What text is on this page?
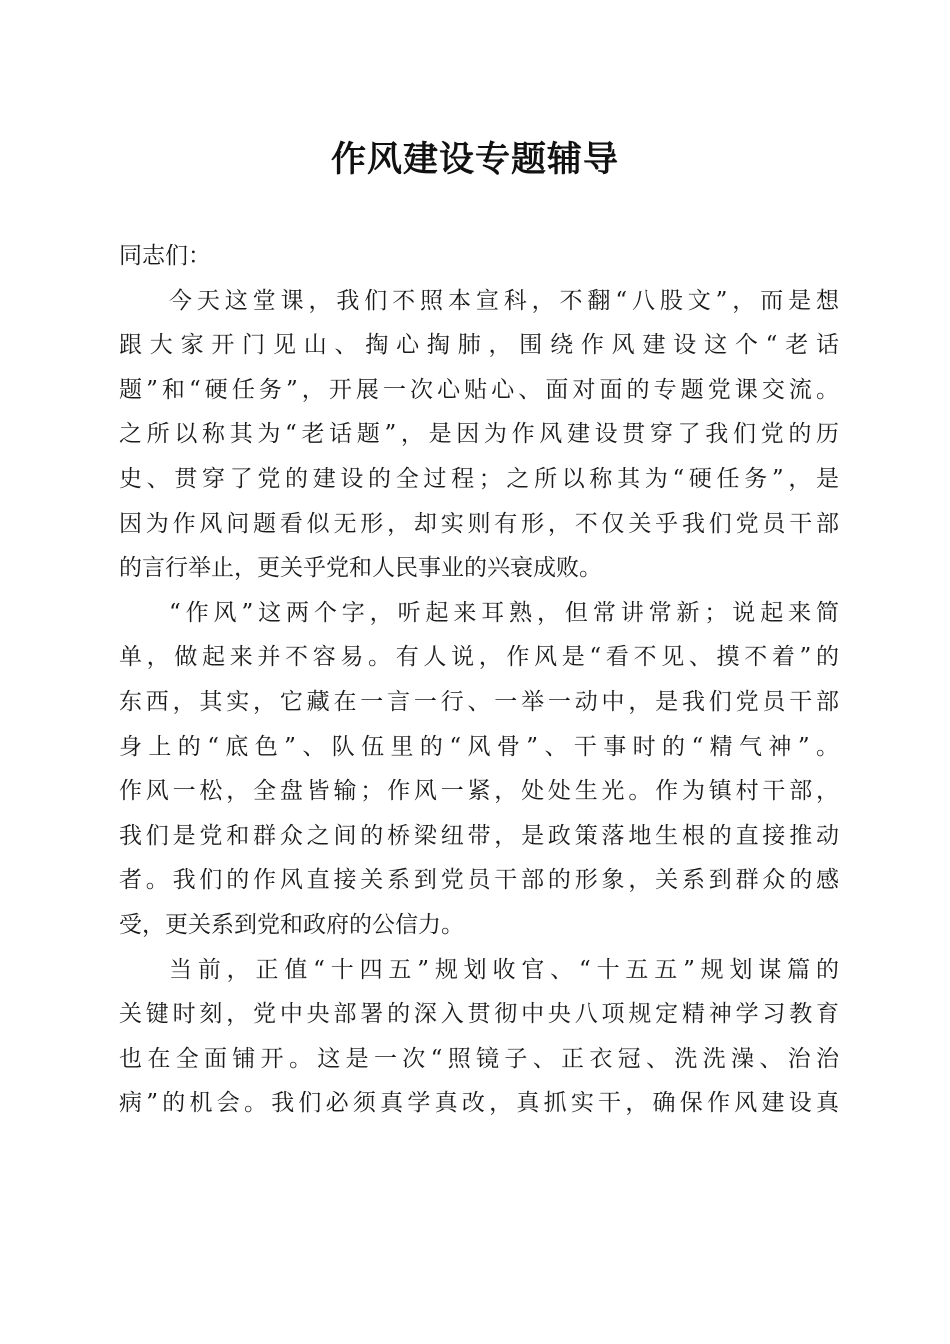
作风建设专题辅导
同志们：
今天这堂课，我们不照本宣科，不翻“八股文”，而是想
跟大家开门见山、掏心掏肺，围绕作风建设这个“老话
题”和“硬任务”，开展一次心贴心、面对面的专题党课交流。
之所以称其为“老话题”，是因为作风建设贯穿了我们党的历
史、贯穿了党的建设的全过程；之所以称其为“硬任务”，是
因为作风问题看似无形，却实则有形，不仅关乎我们党员干部
的言行举止，更关乎党和人民事业的兴衰成败。
“作风”这两个字，听起来耳熟，但常讲常新；说起来简
单，做起来并不容易。有人说，作风是“看不见、摸不着”的
东西，其实，它藏在一言一行、一举一动中，是我们党员干部
身上的“底色”、队伍里的“风骨”、干事时的“精气神”。
作风一松，全盘皆输；作风一紧，处处生光。作为镇村干部，
我们是党和群众之间的桥梁纽带，是政策落地生根的直接推动
者。我们的作风直接关系到党员干部的形象，关系到群众的感
受，更关系到党和政府的公信力。
当前，正值“十四五”规划收官、“十五五”规划谋篇的
关键时刻，党中央部署的深入贯彻中央八项规定精神学习教育
也在全面铺开。这是一次“照镜子、正衣冠、洗洗澡、治治
病”的机会。我们必须真学真改，真抓实干，确保作风建设真
